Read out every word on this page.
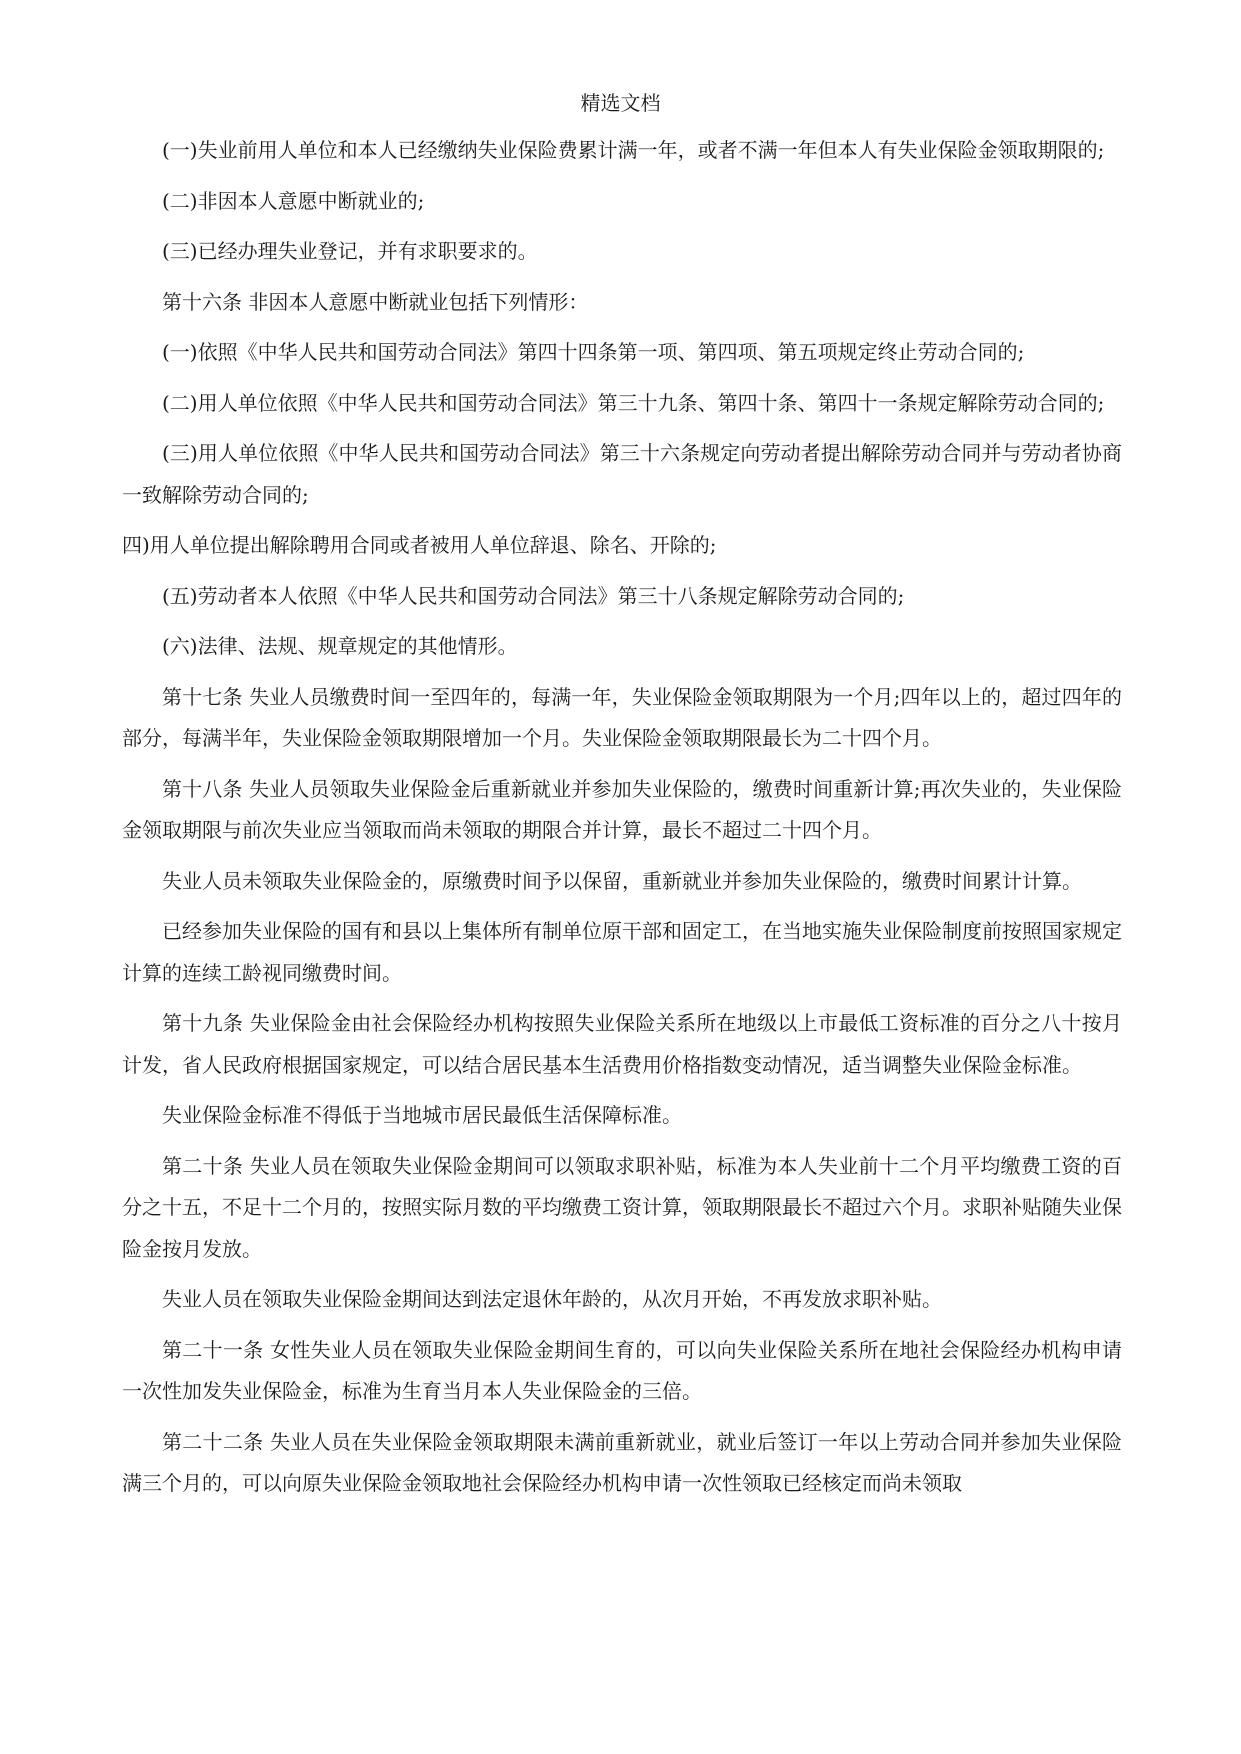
精选文档

(一)失业前用人单位和本人已经缴纳失业保险费累计满一年，或者不满一年但本人有失业保险金领取期限的;

(二)非因本人意愿中断就业的;

(三)已经办理失业登记，并有求职要求的。

第十六条 非因本人意愿中断就业包括下列情形：

(一)依照《中华人民共和国劳动合同法》第四十四条第一项、第四项、第五项规定终止劳动合同的;

(二)用人单位依照《中华人民共和国劳动合同法》第三十九条、第四十条、第四十一条规定解除劳动合同的;

(三)用人单位依照《中华人民共和国劳动合同法》第三十六条规定向劳动者提出解除劳动合同并与劳动者协商一致解除劳动合同的;

四)用人单位提出解除聘用合同或者被用人单位辞退、除名、开除的;

(五)劳动者本人依照《中华人民共和国劳动合同法》第三十八条规定解除劳动合同的;

(六)法律、法规、规章规定的其他情形。

第十七条 失业人员缴费时间一至四年的，每满一年，失业保险金领取期限为一个月;四年以上的，超过四年的部分，每满半年，失业保险金领取期限增加一个月。失业保险金领取期限最长为二十四个月。

第十八条 失业人员领取失业保险金后重新就业并参加失业保险的，缴费时间重新计算;再次失业的，失业保险金领取期限与前次失业应当领取而尚未领取的期限合并计算，最长不超过二十四个月。

失业人员未领取失业保险金的，原缴费时间予以保留，重新就业并参加失业保险的，缴费时间累计计算。

已经参加失业保险的国有和县以上集体所有制单位原干部和固定工，在当地实施失业保险制度前按照国家规定计算的连续工龄视同缴费时间。

第十九条 失业保险金由社会保险经办机构按照失业保险关系所在地级以上市最低工资标准的百分之八十按月计发，省人民政府根据国家规定，可以结合居民基本生活费用价格指数变动情况，适当调整失业保险金标准。

失业保险金标准不得低于当地城市居民最低生活保障标准。

第二十条 失业人员在领取失业保险金期间可以领取求职补贴，标准为本人失业前十二个月平均缴费工资的百分之十五，不足十二个月的，按照实际月数的平均缴费工资计算，领取期限最长不超过六个月。求职补贴随失业保险金按月发放。

失业人员在领取失业保险金期间达到法定退休年龄的，从次月开始，不再发放求职补贴。

第二十一条 女性失业人员在领取失业保险金期间生育的，可以向失业保险关系所在地社会保险经办机构申请一次性加发失业保险金，标准为生育当月本人失业保险金的三倍。

第二十二条 失业人员在失业保险金领取期限未满前重新就业，就业后签订一年以上劳动合同并参加失业保险满三个月的，可以向原失业保险金领取地社会保险经办机构申请一次性领取已经核定而尚未领取
